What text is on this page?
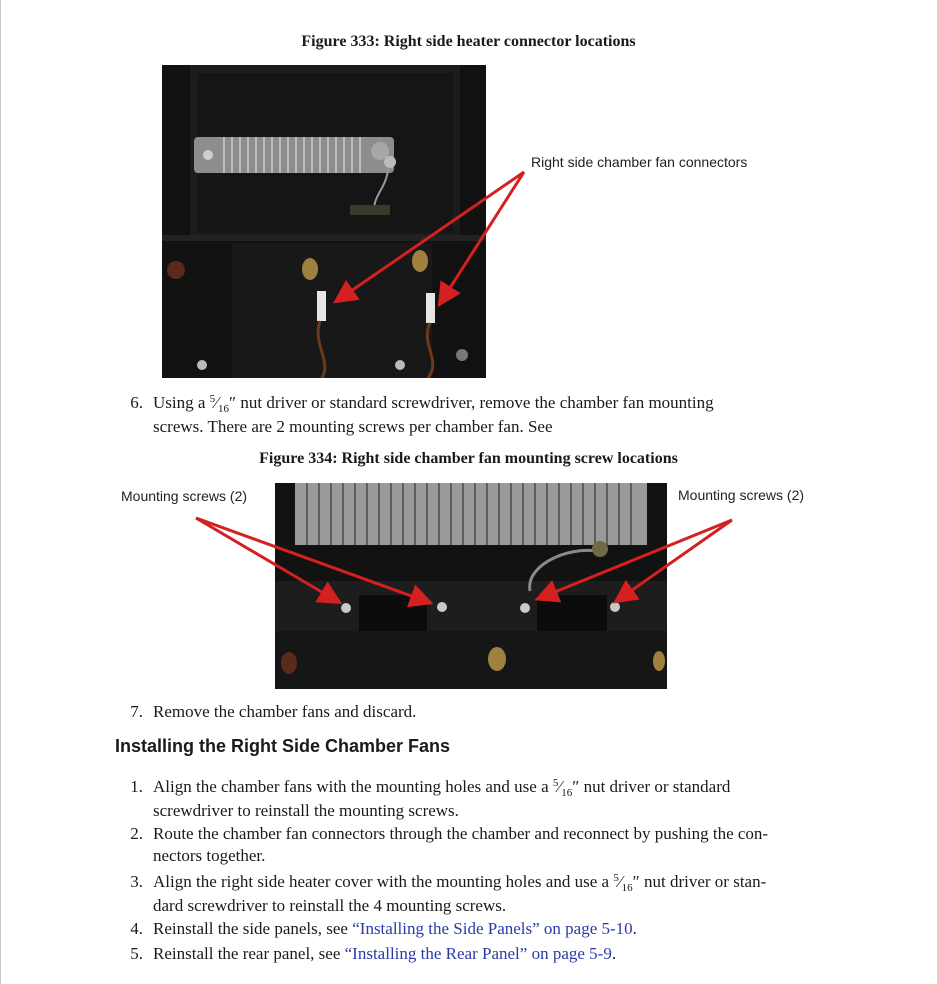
Figure 333: Right side heater connector locations
Right side chamber fan connectors
6. Using a $^5⁄_{16}''$ nut driver or standard screwdriver, remove the chamber fan mounting
screws. There are 2 mounting screws per chamber fan. See
Figure 334: Right side chamber fan mounting screw locations
Mounting screws (2)	Mounting screws (2)
7. Remove the chamber fans and discard.
Installing the Right Side Chamber Fans
1. Align the chamber fans with the mounting holes and use a $^5⁄_{16}''$ nut driver or standard
screwdriver to reinstall the mounting screws.
2. Route the chamber fan connectors through the chamber and reconnect by pushing the con-
nectors together.
3. Align the right side heater cover with the mounting holes and use a $^5⁄_{16}''$ nut driver or stan-
dard screwdriver to reinstall the 4 mounting screws.
4. Reinstall the side panels, see “Installing the Side Panels” on page 5-10.
5. Reinstall the rear panel, see “Installing the Rear Panel” on page 5-9.
